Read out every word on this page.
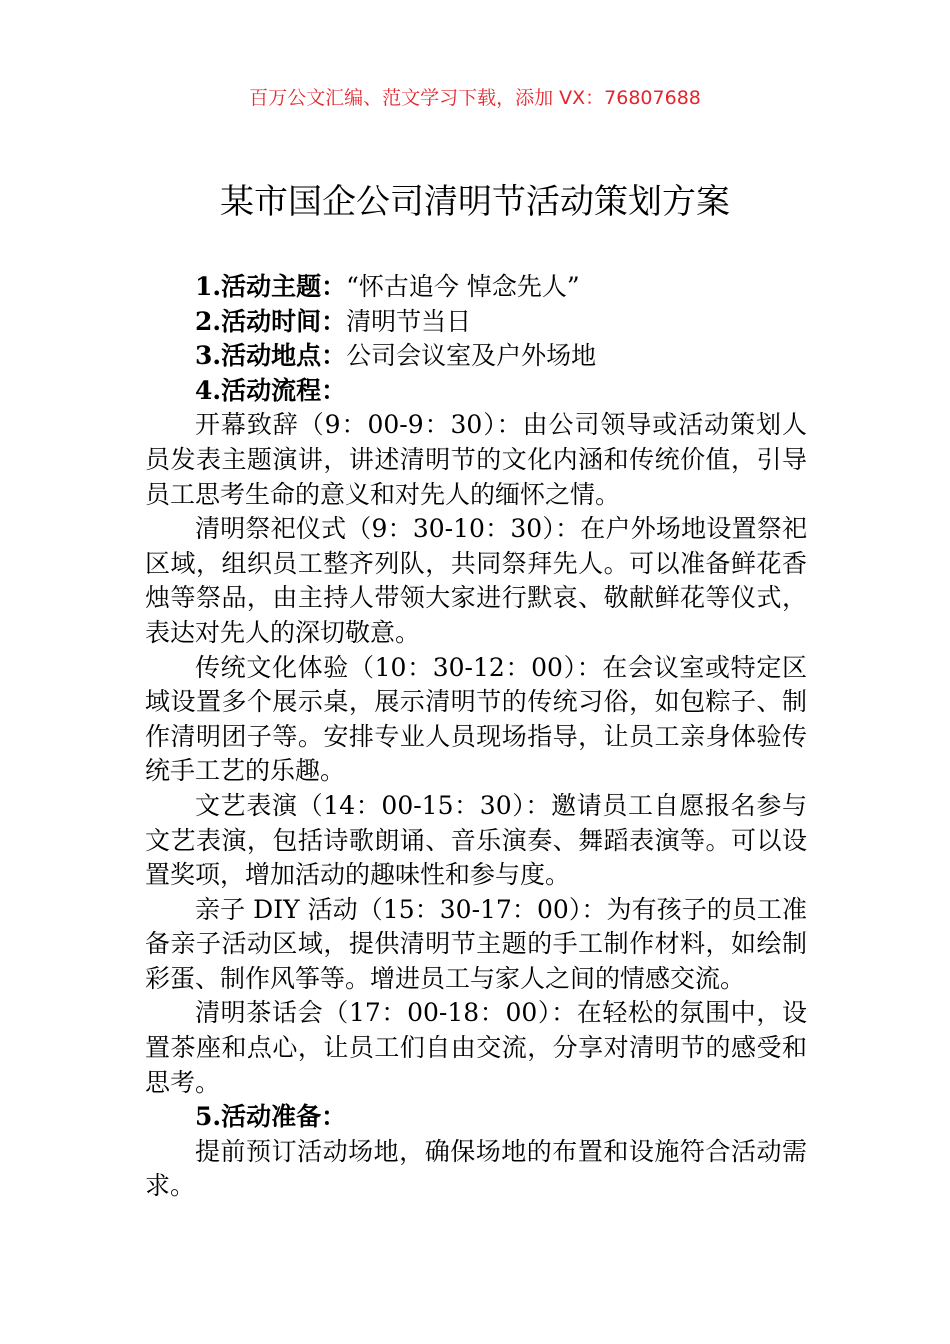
百万公文汇编、范文学习下载，添加 VX：76807688
某市国企公司清明节活动策划方案

1.活动主题：“怀古追今 悼念先人”

2.活动时间：清明节当日

3.活动地点：公司会议室及户外场地

4.活动流程：

开幕致辞（9：00-9：30）：由公司领导或活动策划人员发表主题演讲，讲述清明节的文化内涵和传统价值，引导员工思考生命的意义和对先人的缅怀之情。

清明祭祀仪式（9：30-10：30）：在户外场地设置祭祀区域，组织员工整齐列队，共同祭拜先人。可以准备鲜花香烛等祭品，由主持人带领大家进行默哀、敬献鲜花等仪式，表达对先人的深切敬意。

传统文化体验（10：30-12：00）：在会议室或特定区域设置多个展示桌，展示清明节的传统习俗，如包粽子、制作清明团子等。安排专业人员现场指导，让员工亲身体验传统手工艺的乐趣。

文艺表演（14：00-15：30）：邀请员工自愿报名参与文艺表演，包括诗歌朗诵、音乐演奏、舞蹈表演等。可以设置奖项，增加活动的趣味性和参与度。

亲子 DIY 活动（15：30-17：00）：为有孩子的员工准备亲子活动区域，提供清明节主题的手工制作材料，如绘制彩蛋、制作风筝等。增进员工与家人之间的情感交流。

清明茶话会（17：00-18：00）：在轻松的氛围中，设置茶座和点心，让员工们自由交流，分享对清明节的感受和思考。

5.活动准备：

提前预订活动场地，确保场地的布置和设施符合活动需求。
